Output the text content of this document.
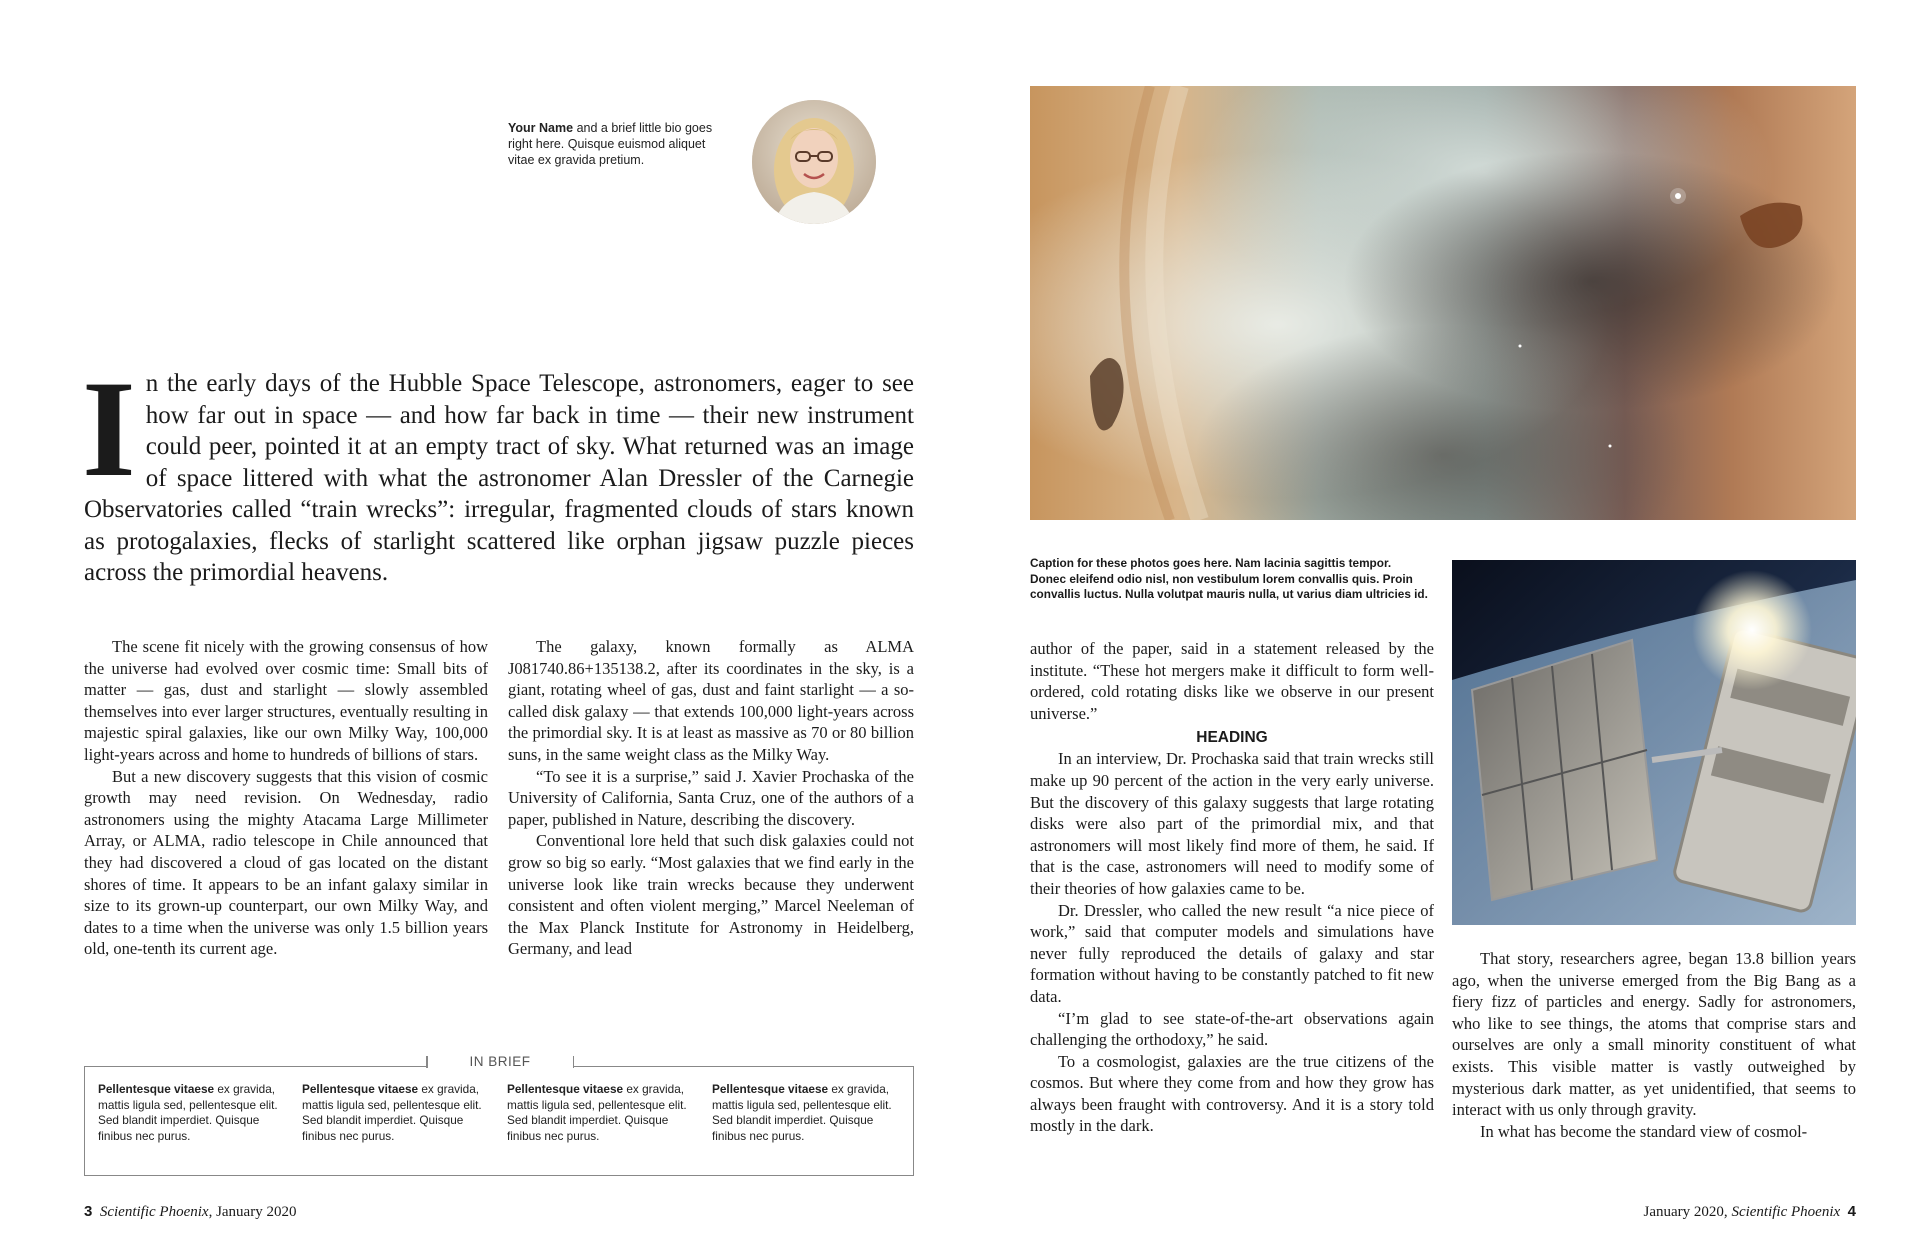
Your Name and a brief little bio goes right here. Quisque euismod aliquet vitae ex gravida pretium.
In the early days of the Hubble Space Telescope, astronomers, eager to see how far out in space — and how far back in time — their new instrument could peer, pointed it at an empty tract of sky. What returned was an image of space littered with what the astronomer Alan Dressler of the Carnegie Observatories called “train wrecks”: irregular, fragmented clouds of stars known as protogalaxies, flecks of starlight scattered like orphan jigsaw puzzle pieces across the primordial heavens.

The scene fit nicely with the growing consensus of how the universe had evolved over cosmic time: Small bits of matter — gas, dust and starlight — slowly assembled themselves into ever larger structures, eventually resulting in majestic spiral galaxies, like our own Milky Way, 100,000 light-years across and home to hundreds of billions of stars.

But a new discovery suggests that this vision of cosmic growth may need revision. On Wednesday, radio astronomers using the mighty Atacama Large Millimeter Array, or ALMA, radio telescope in Chile announced that they had discovered a cloud of gas located on the distant shores of time. It appears to be an infant galaxy similar in size to its grown-up counterpart, our own Milky Way, and dates to a time when the universe was only 1.5 billion years old, one-tenth its current age.

The galaxy, known formally as ALMA J081740.86+135138.2, after its coordinates in the sky, is a giant, rotating wheel of gas, dust and faint starlight — a so-called disk galaxy — that extends 100,000 light-years across the primordial sky. It is at least as massive as 70 or 80 billion suns, in the same weight class as the Milky Way.

“To see it is a surprise,” said J. Xavier Prochaska of the University of California, Santa Cruz, one of the authors of a paper, published in Nature, describing the discovery.

Conventional lore held that such disk galaxies could not grow so big so early. “Most galaxies that we find early in the universe look like train wrecks because they underwent consistent and often violent merging,” Marcel Neeleman of the Max Planck Institute for Astronomy in Heidelberg, Germany, and lead

IN BRIEF
Pellentesque vitaese ex gravida, mattis ligula sed, pellentesque elit. Sed blandit imperdiet. Quisque finibus nec purus.
Pellentesque vitaese ex gravida, mattis ligula sed, pellentesque elit. Sed blandit imperdiet. Quisque finibus nec purus.
Pellentesque vitaese ex gravida, mattis ligula sed, pellentesque elit. Sed blandit imperdiet. Quisque finibus nec purus.
Pellentesque vitaese ex gravida, mattis ligula sed, pellentesque elit. Sed blandit imperdiet. Quisque finibus nec purus.
Caption for these photos goes here. Nam lacinia sagittis tempor. Donec eleifend odio nisl, non vestibulum lorem convallis quis. Proin convallis luctus. Nulla volutpat mauris nulla, ut varius diam ultricies id.

author of the paper, said in a statement released by the institute. “These hot mergers make it difficult to form well-ordered, cold rotating disks like we observe in our present universe.”

HEADING

In an interview, Dr. Prochaska said that train wrecks still make up 90 percent of the action in the very early universe. But the discovery of this galaxy suggests that large rotating disks were also part of the primordial mix, and that astronomers will most likely find more of them, he said. If that is the case, astronomers will need to modify some of their theories of how galaxies came to be.

Dr. Dressler, who called the new result “a nice piece of work,” said that computer models and simulations have never fully reproduced the details of galaxy and star formation without having to be constantly patched to fit new data.

“I’m glad to see state-of-the-art observations again challenging the orthodoxy,” he said.

To a cosmologist, galaxies are the true citizens of the cosmos. But where they come from and how they grow has always been fraught with controversy. And it is a story told mostly in the dark.

That story, researchers agree, began 13.8 billion years ago, when the universe emerged from the Big Bang as a fiery fizz of particles and energy. Sadly for astronomers, who like to see things, the atoms that comprise stars and ourselves are only a small minority constituent of what exists. This visible matter is vastly outweighed by mysterious dark matter, as yet unidentified, that seems to interact with us only through gravity.

In what has become the standard view of cosmol-

3 Scientific Phoenix, January 2020	January 2020, Scientific Phoenix 4
